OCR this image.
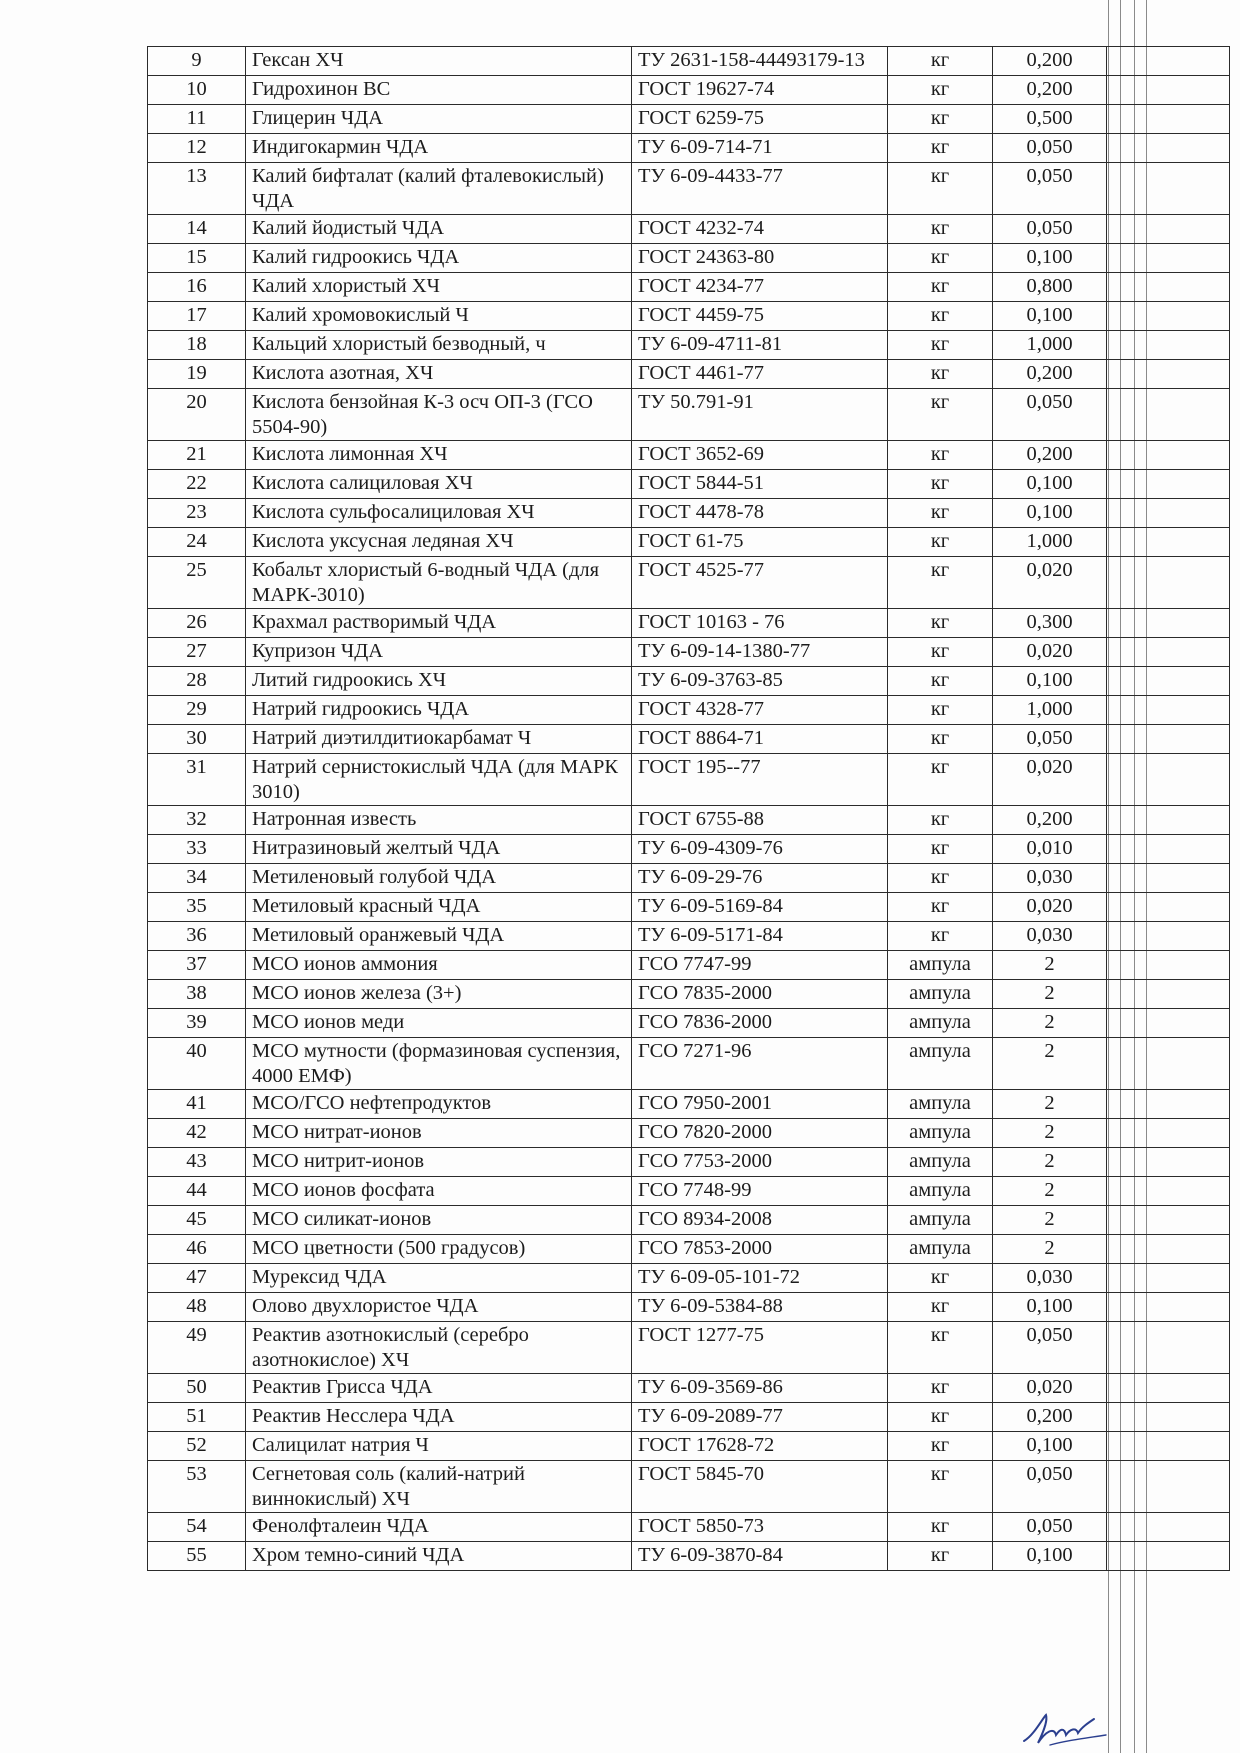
9	Гексан ХЧ	ТУ 2631-158-44493179-13	кг	0,200	
10	Гидрохинон ВС	ГОСТ 19627-74	кг	0,200	
11	Глицерин ЧДА	ГОСТ 6259-75	кг	0,500	
12	Индигокармин ЧДА	ТУ 6-09-714-71	кг	0,050	
13	Калий бифталат (калий фталевокислый) ЧДА	ТУ 6-09-4433-77	кг	0,050	
14	Калий йодистый ЧДА	ГОСТ 4232-74	кг	0,050	
15	Калий гидроокись ЧДА	ГОСТ 24363-80	кг	0,100	
16	Калий хлористый ХЧ	ГОСТ 4234-77	кг	0,800	
17	Калий хромовокислый Ч	ГОСТ 4459-75	кг	0,100	
18	Кальций хлористый безводный, ч	ТУ 6-09-4711-81	кг	1,000	
19	Кислота азотная, ХЧ	ГОСТ 4461-77	кг	0,200	
20	Кислота бензойная К-3 осч ОП-3 (ГСО 5504-90)	ТУ 50.791-91	кг	0,050	
21	Кислота лимонная ХЧ	ГОСТ 3652-69	кг	0,200	
22	Кислота салициловая ХЧ	ГОСТ 5844-51	кг	0,100	
23	Кислота сульфосалициловая ХЧ	ГОСТ 4478-78	кг	0,100	
24	Кислота уксусная ледяная ХЧ	ГОСТ 61-75	кг	1,000	
25	Кобальт хлористый 6-водный ЧДА (для МАРК-3010)	ГОСТ 4525-77	кг	0,020	
26	Крахмал растворимый ЧДА	ГОСТ 10163 - 76	кг	0,300	
27	Купризон ЧДА	ТУ 6-09-14-1380-77	кг	0,020	
28	Литий гидроокись ХЧ	ТУ 6-09-3763-85	кг	0,100	
29	Натрий гидроокись ЧДА	ГОСТ 4328-77	кг	1,000	
30	Натрий диэтилдитиокарбамат Ч	ГОСТ 8864-71	кг	0,050	
31	Натрий сернистокислый ЧДА (для МАРК 3010)	ГОСТ 195--77	кг	0,020	
32	Натронная известь	ГОСТ 6755-88	кг	0,200	
33	Нитразиновый желтый ЧДА	ТУ 6-09-4309-76	кг	0,010	
34	Метиленовый голубой ЧДА	ТУ 6-09-29-76	кг	0,030	
35	Метиловый красный ЧДА	ТУ 6-09-5169-84	кг	0,020	
36	Метиловый оранжевый ЧДА	ТУ 6-09-5171-84	кг	0,030	
37	МСО ионов аммония	ГСО 7747-99	ампула	2	
38	МСО ионов железа (3+)	ГСО 7835-2000	ампула	2	
39	МСО ионов меди	ГСО 7836-2000	ампула	2	
40	МСО мутности (формазиновая суспензия, 4000 ЕМФ)	ГСО 7271-96	ампула	2	
41	МСО/ГСО нефтепродуктов	ГСО 7950-2001	ампула	2	
42	МСО нитрат-ионов	ГСО 7820-2000	ампула	2	
43	МСО нитрит-ионов	ГСО 7753-2000	ампула	2	
44	МСО ионов фосфата	ГСО 7748-99	ампула	2	
45	МСО силикат-ионов	ГСО 8934-2008	ампула	2	
46	МСО цветности (500 градусов)	ГСО 7853-2000	ампула	2	
47	Мурексид ЧДА	ТУ 6-09-05-101-72	кг	0,030	
48	Олово двухлористое ЧДА	ТУ 6-09-5384-88	кг	0,100	
49	Реактив азотнокислый (серебро азотнокислое) ХЧ	ГОСТ 1277-75	кг	0,050	
50	Реактив Грисса ЧДА	ТУ 6-09-3569-86	кг	0,020	
51	Реактив Несслера ЧДА	ТУ 6-09-2089-77	кг	0,200	
52	Салицилат натрия Ч	ГОСТ 17628-72	кг	0,100	
53	Сегнетовая соль (калий-натрий виннокислый) ХЧ	ГОСТ 5845-70	кг	0,050	
54	Фенолфталеин ЧДА	ГОСТ 5850-73	кг	0,050	
55	Хром темно-синий ЧДА	ТУ 6-09-3870-84	кг	0,100	
